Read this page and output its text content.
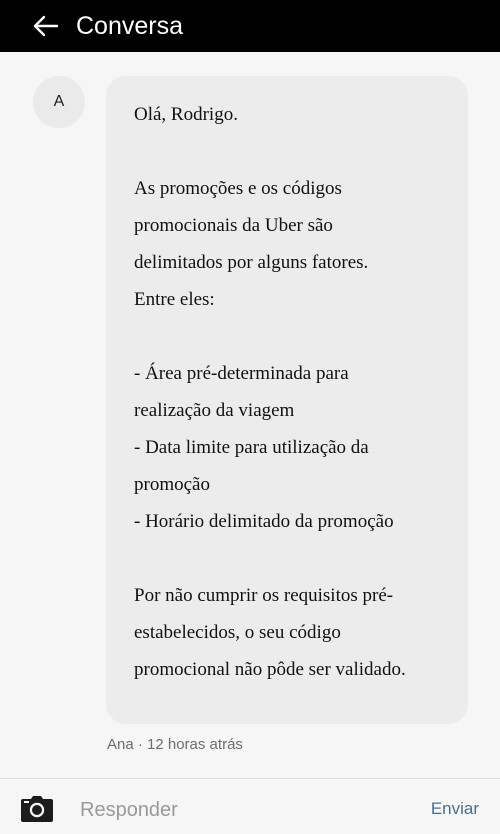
Conversa
A
Olá, Rodrigo.
As promoções e os códigos
promocionais da Uber são
delimitados por alguns fatores.
Entre eles:
- Área pré-determinada para
realização da viagem
- Data limite para utilização da
promoção
- Horário delimitado da promoção
Por não cumprir os requisitos pré-
estabelecidos, o seu código
promocional não pôde ser validado.
Ana · 12 horas atrás
Responder
Enviar
